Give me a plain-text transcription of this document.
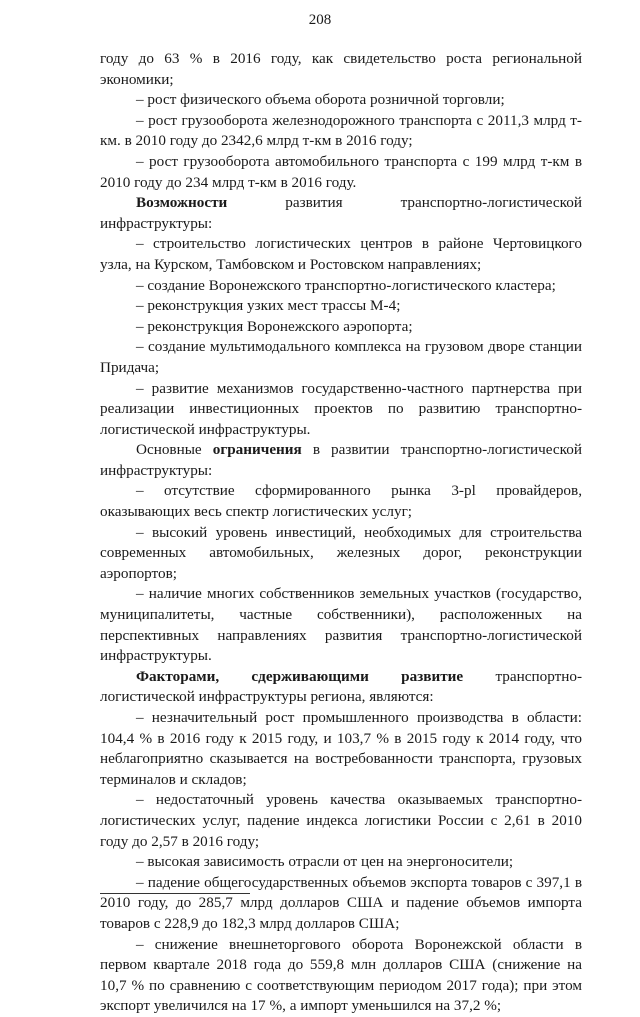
208

году до 63 % в 2016 году, как свидетельство роста региональной экономики;

– рост физического объема оборота розничной торговли;

– рост грузооборота железнодорожного транспорта с 2011,3 млрд т-км. в 2010 году до 2342,6 млрд т-км в 2016 году;

– рост грузооборота автомобильного транспорта с 199 млрд т-км в 2010 году до 234 млрд т-км в 2016 году.

Возможности развития транспортно-логистической инфраструктуры:

– строительство логистических центров в районе Чертовицкого узла, на Курском, Тамбовском и Ростовском направлениях;

– создание Воронежского транспортно-логистического кластера;

– реконструкция узких мест трассы М-4;

– реконструкция Воронежского аэропорта;

– создание мультимодального комплекса на грузовом дворе станции Придача;

– развитие механизмов государственно-частного партнерства при реализации инвестиционных проектов по развитию транспортно-логистической инфраструктуры.

Основные ограничения в развитии транспортно-логистической инфраструктуры:

– отсутствие сформированного рынка 3-pl провайдеров, оказывающих весь спектр логистических услуг;

– высокий уровень инвестиций, необходимых для строительства современных автомобильных, железных дорог, реконструкции аэропортов;

– наличие многих собственников земельных участков (государство, муниципалитеты, частные собственники), расположенных на перспективных направлениях развития транспортно-логистической инфраструктуры.

Факторами, сдерживающими развитие транспортно-логистической инфраструктуры региона, являются:

– незначительный рост промышленного производства в области: 104,4 % в 2016 году к 2015 году, и 103,7 % в 2015 году к 2014 году, что неблагоприятно сказывается на востребованности транспорта, грузовых терминалов и складов;

– недостаточный уровень качества оказываемых транспортно-логистических услуг, падение индекса логистики России с 2,61 в 2010 году до 2,57 в 2016 году;

– высокая зависимость отрасли от цен на энергоносители;

– падение общегосударственных объемов экспорта товаров с 397,1 в 2010 году, до 285,7 млрд долларов США и падение объемов импорта товаров с 228,9 до 182,3 млрд долларов США;

– снижение внешнеторгового оборота Воронежской области в первом квартале 2018 года до 559,8 млн долларов США (снижение на 10,7 % по сравнению с соответствующим периодом 2017 года); при этом экспорт увеличился на 17 %, а импорт уменьшился на 37,2 %;
